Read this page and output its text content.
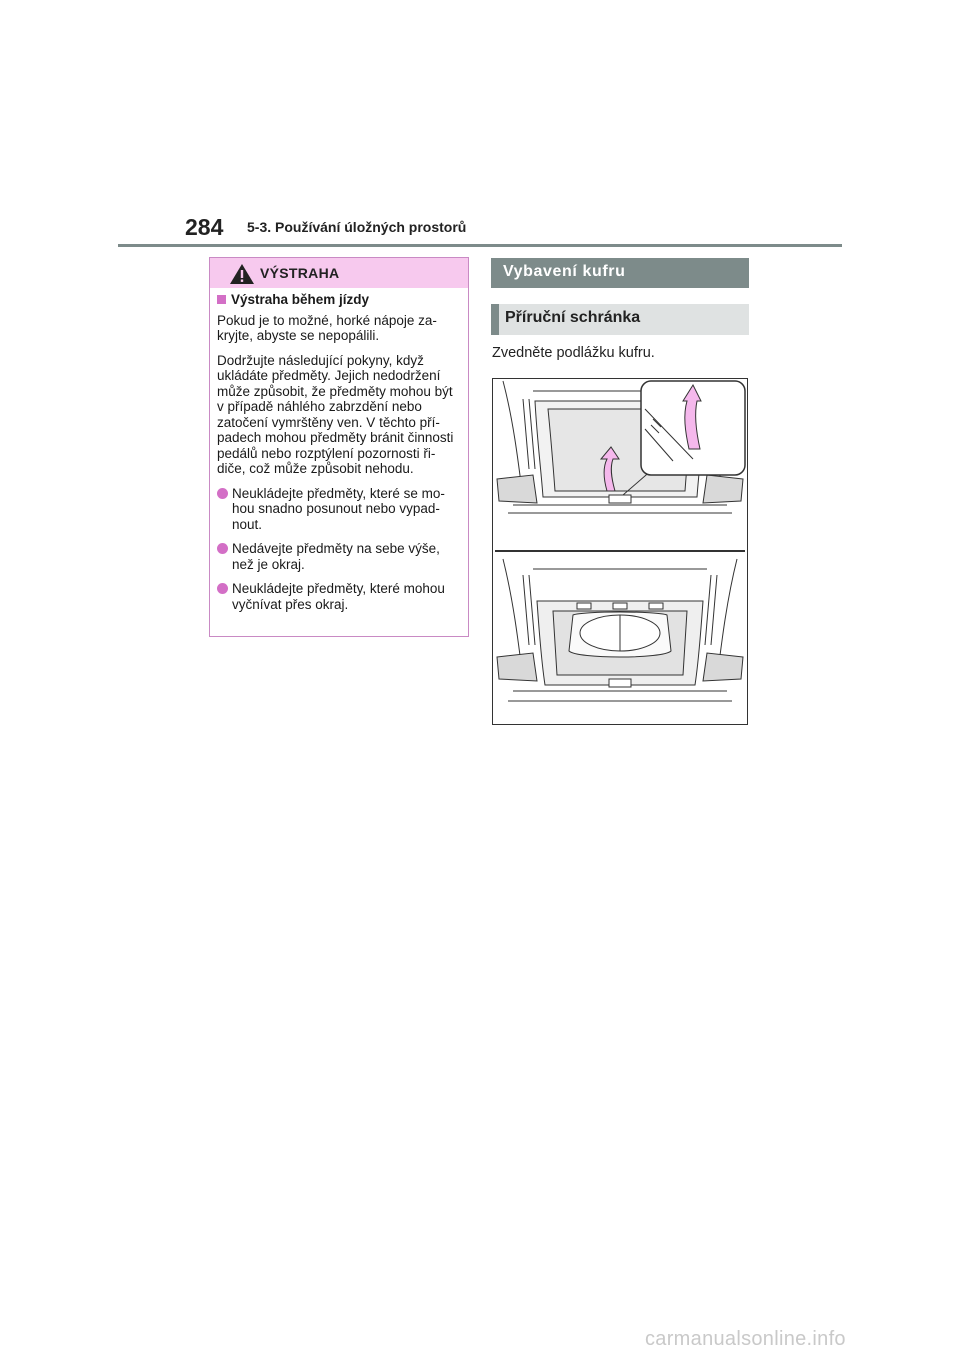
284 5-3. Používání úložných prostorů
VÝSTRAHA

Výstraha během jízdy

Pokud je to možné, horké nápoje za-kryjte, abyste se nepopálili.

Dodržujte následující pokyny, když ukládáte předměty. Jejich nedodržení může způsobit, že předměty mohou být v případě náhlého zabrzdění nebo zatočení vymrštěny ven. V těchto pří-padech mohou předměty bránit činnosti pedálů nebo rozptýlení pozornosti ři-diče, což může způsobit nehodu.

Neukládejte předměty, které se mo-hou snadno posunout nebo vypad-nout.
Nedávejte předměty na sebe výše, než je okraj.
Neukládejte předměty, které mohou vyčnívat přes okraj.
Vybavení kufru
Příruční schránka
Zvedněte podlážku kufru.
carmanualsonline.info
